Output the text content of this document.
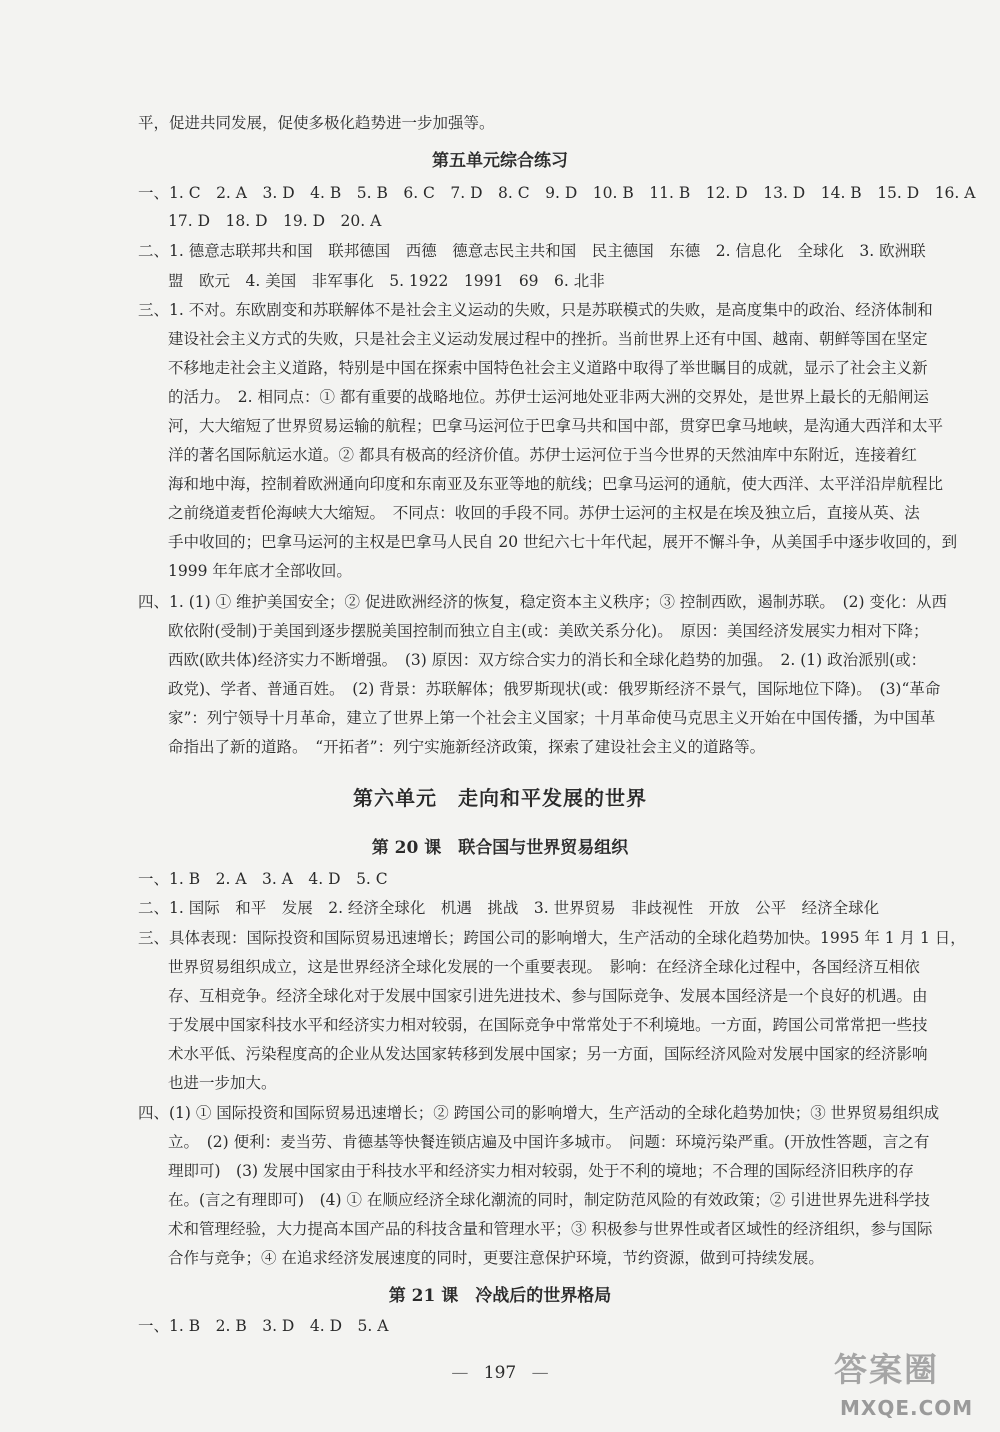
平，促进共同发展，促使多极化趋势进一步加强等。
第五单元综合练习
一、1. C　2. A　3. D　4. B　5. B　6. C　7. D　8. C　9. D　10. B　11. B　12. D　13. D　14. B　15. D　16. A
17. D　18. D　19. D　20. A
二、1. 德意志联邦共和国　联邦德国　西德　德意志民主共和国　民主德国　东德　2. 信息化　全球化　3. 欧洲联
盟　欧元　4. 美国　非军事化　5. 1922　1991　69　6. 北非
三、1. 不对。东欧剧变和苏联解体不是社会主义运动的失败，只是苏联模式的失败，是高度集中的政治、经济体制和
建设社会主义方式的失败，只是社会主义运动发展过程中的挫折。当前世界上还有中国、越南、朝鲜等国在坚定
不移地走社会主义道路，特别是中国在探索中国特色社会主义道路中取得了举世瞩目的成就，显示了社会主义新
的活力。　2. 相同点：① 都有重要的战略地位。苏伊士运河地处亚非两大洲的交界处，是世界上最长的无船闸运
河，大大缩短了世界贸易运输的航程；巴拿马运河位于巴拿马共和国中部，贯穿巴拿马地峡，是沟通大西洋和太平
洋的著名国际航运水道。② 都具有极高的经济价值。苏伊士运河位于当今世界的天然油库中东附近，连接着红
海和地中海，控制着欧洲通向印度和东南亚及东亚等地的航线；巴拿马运河的通航，使大西洋、太平洋沿岸航程比
之前绕道麦哲伦海峡大大缩短。　不同点：收回的手段不同。苏伊士运河的主权是在埃及独立后，直接从英、法
手中收回的；巴拿马运河的主权是巴拿马人民自 20 世纪六七十年代起，展开不懈斗争，从美国手中逐步收回的，到
1999 年年底才全部收回。
四、1. (1) ① 维护美国安全；② 促进欧洲经济的恢复，稳定资本主义秩序；③ 控制西欧，遏制苏联。　(2) 变化：从西
欧依附(受制)于美国到逐步摆脱美国控制而独立自主(或：美欧关系分化)。　原因：美国经济发展实力相对下降；
西欧(欧共体)经济实力不断增强。　(3) 原因：双方综合实力的消长和全球化趋势的加强。　2. (1) 政治派别(或：
政党)、学者、普通百姓。　(2) 背景：苏联解体；俄罗斯现状(或：俄罗斯经济不景气，国际地位下降)。　(3)“革命
家”：列宁领导十月革命，建立了世界上第一个社会主义国家；十月革命使马克思主义开始在中国传播，为中国革
命指出了新的道路。　“开拓者”：列宁实施新经济政策，探索了建设社会主义的道路等。
第六单元　走向和平发展的世界
第 20 课　联合国与世界贸易组织
一、1. B　2. A　3. A　4. D　5. C
二、1. 国际　和平　发展　2. 经济全球化　机遇　挑战　3. 世界贸易　非歧视性　开放　公平　经济全球化
三、具体表现：国际投资和国际贸易迅速增长；跨国公司的影响增大，生产活动的全球化趋势加快。1995 年 1 月 1 日，
世界贸易组织成立，这是世界经济全球化发展的一个重要表现。　影响：在经济全球化过程中，各国经济互相依
存、互相竞争。经济全球化对于发展中国家引进先进技术、参与国际竞争、发展本国经济是一个良好的机遇。由
于发展中国家科技水平和经济实力相对较弱，在国际竞争中常常处于不利境地。一方面，跨国公司常常把一些技
术水平低、污染程度高的企业从发达国家转移到发展中国家；另一方面，国际经济风险对发展中国家的经济影响
也进一步加大。
四、(1) ① 国际投资和国际贸易迅速增长；② 跨国公司的影响增大，生产活动的全球化趋势加快；③ 世界贸易组织成
立。　(2) 便利：麦当劳、肯德基等快餐连锁店遍及中国许多城市。　问题：环境污染严重。(开放性答题，言之有
理即可)　(3) 发展中国家由于科技水平和经济实力相对较弱，处于不利的境地；不合理的国际经济旧秩序的存
在。(言之有理即可)　(4) ① 在顺应经济全球化潮流的同时，制定防范风险的有效政策；② 引进世界先进科学技
术和管理经验，大力提高本国产品的科技含量和管理水平；③ 积极参与世界性或者区域性的经济组织，参与国际
合作与竞争；④ 在追求经济发展速度的同时，更要注意保护环境，节约资源，做到可持续发展。
第 21 课　冷战后的世界格局
一、1. B　2. B　3. D　4. D　5. A
— 197 —	答案圈
MXQE.COM
